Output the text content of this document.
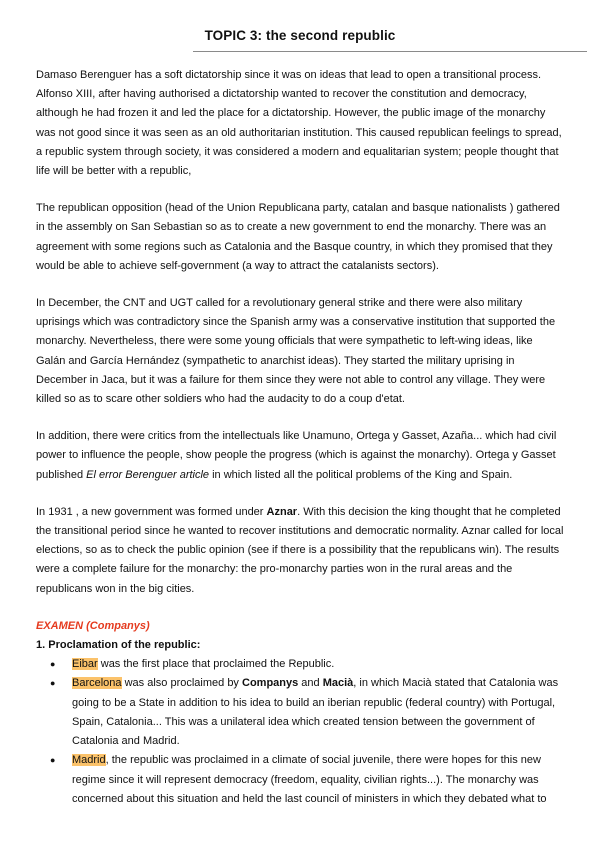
TOPIC 3: the second republic

Damaso Berenguer has a soft dictatorship since it was on ideas that lead to open a transitional process. Alfonso XIII, after having authorised a dictatorship wanted to recover the constitution and democracy, although he had frozen it and led the place for a dictatorship. However, the public image of the monarchy was not good since it was seen as an old authoritarian institution. This caused republican feelings to spread, a republic system through society, it was considered a modern and equalitarian system; people thought that life will be better with a republic,

The republican opposition (head of the Union Republicana party, catalan and basque nationalists ) gathered in the assembly on San Sebastian so as to create a new government to end the monarchy. There was an agreement with some regions such as Catalonia and the Basque country, in which they promised that they would be able to achieve self-government (a way to attract the catalanists sectors).

In December, the CNT and UGT called for a revolutionary general strike and there were also military uprisings which was contradictory since the Spanish army was a conservative institution that supported the monarchy. Nevertheless, there were some young officials that were sympathetic to left-wing ideas, like Galán and García Hernández (sympathetic to anarchist ideas). They started the military uprising in December in Jaca, but it was a failure for them since they were not able to control any village. They were killed so as to scare other soldiers who had the audacity to do a coup d'etat.

In addition, there were critics from the intellectuals like Unamuno, Ortega y Gasset, Azaña... which had civil power to influence the people, show people the progress (which is against the monarchy). Ortega y Gasset published El error Berenguer article in which listed all the political problems of the King and Spain.

In 1931 , a new government was formed under Aznar. With this decision the king thought that he completed the transitional period since he wanted to recover institutions and democratic normality. Aznar called for local elections, so as to check the public opinion (see if there is a possibility that the republicans win). The results were a complete failure for the monarchy: the pro-monarchy parties won in the rural areas and the republicans won in the big cities.

EXAMEN (Companys)

1. Proclamation of the republic:

● Eibar was the first place that proclaimed the Republic.
● Barcelona was also proclaimed by Companys and Macià, in which Macià stated that Catalonia was going to be a State in addition to his idea to build an iberian republic (federal country) with Portugal, Spain, Catalonia... This was a unilateral idea which created tension between the government of Catalonia and Madrid.
● Madrid, the republic was proclaimed in a climate of social juvenile, there were hopes for this new regime since it will represent democracy (freedom, equality, civilian rights...). The monarchy was concerned about this situation and held the last council of ministers in which they debated what to
